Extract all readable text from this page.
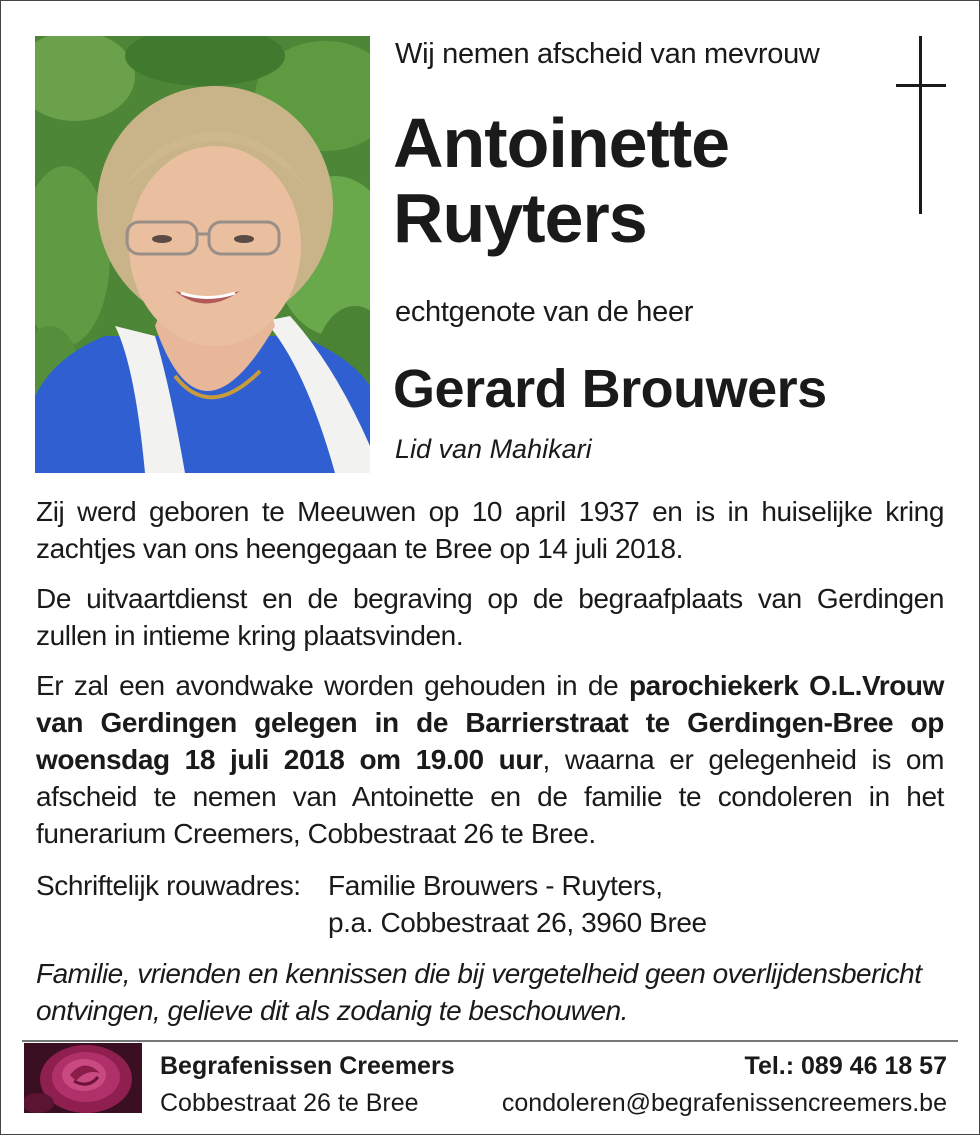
Wij nemen afscheid van mevrouw
Antoinette
Ruyters
echtgenote van de heer
Gerard Brouwers
Lid van Mahikari

Zij werd geboren te Meeuwen op 10 april 1937 en is in huiselijke kring zachtjes van ons heengegaan te Bree op 14 juli 2018.

De uitvaartdienst en de begraving op de begraafplaats van Gerdingen zullen in intieme kring plaatsvinden.

Er zal een avondwake worden gehouden in de parochiekerk O.L.Vrouw van Gerdingen gelegen in de Barrierstraat te Gerdingen-Bree op woensdag 18 juli 2018 om 19.00 uur, waarna er gelegenheid is om afscheid te nemen van Antoinette en de familie te condoleren in het funerarium Creemers, Cobbestraat 26 te Bree.

Schriftelijk rouwadres: Familie Brouwers - Ruyters,
p.a. Cobbestraat 26, 3960 Bree

Familie, vrienden en kennissen die bij vergetelheid geen overlijdensbericht ontvingen, gelieve dit als zodanig te beschouwen.

Begrafenissen Creemers
Cobbestraat 26 te Bree
Tel.: 089 46 18 57
condoleren@begrafenissencreemers.be
